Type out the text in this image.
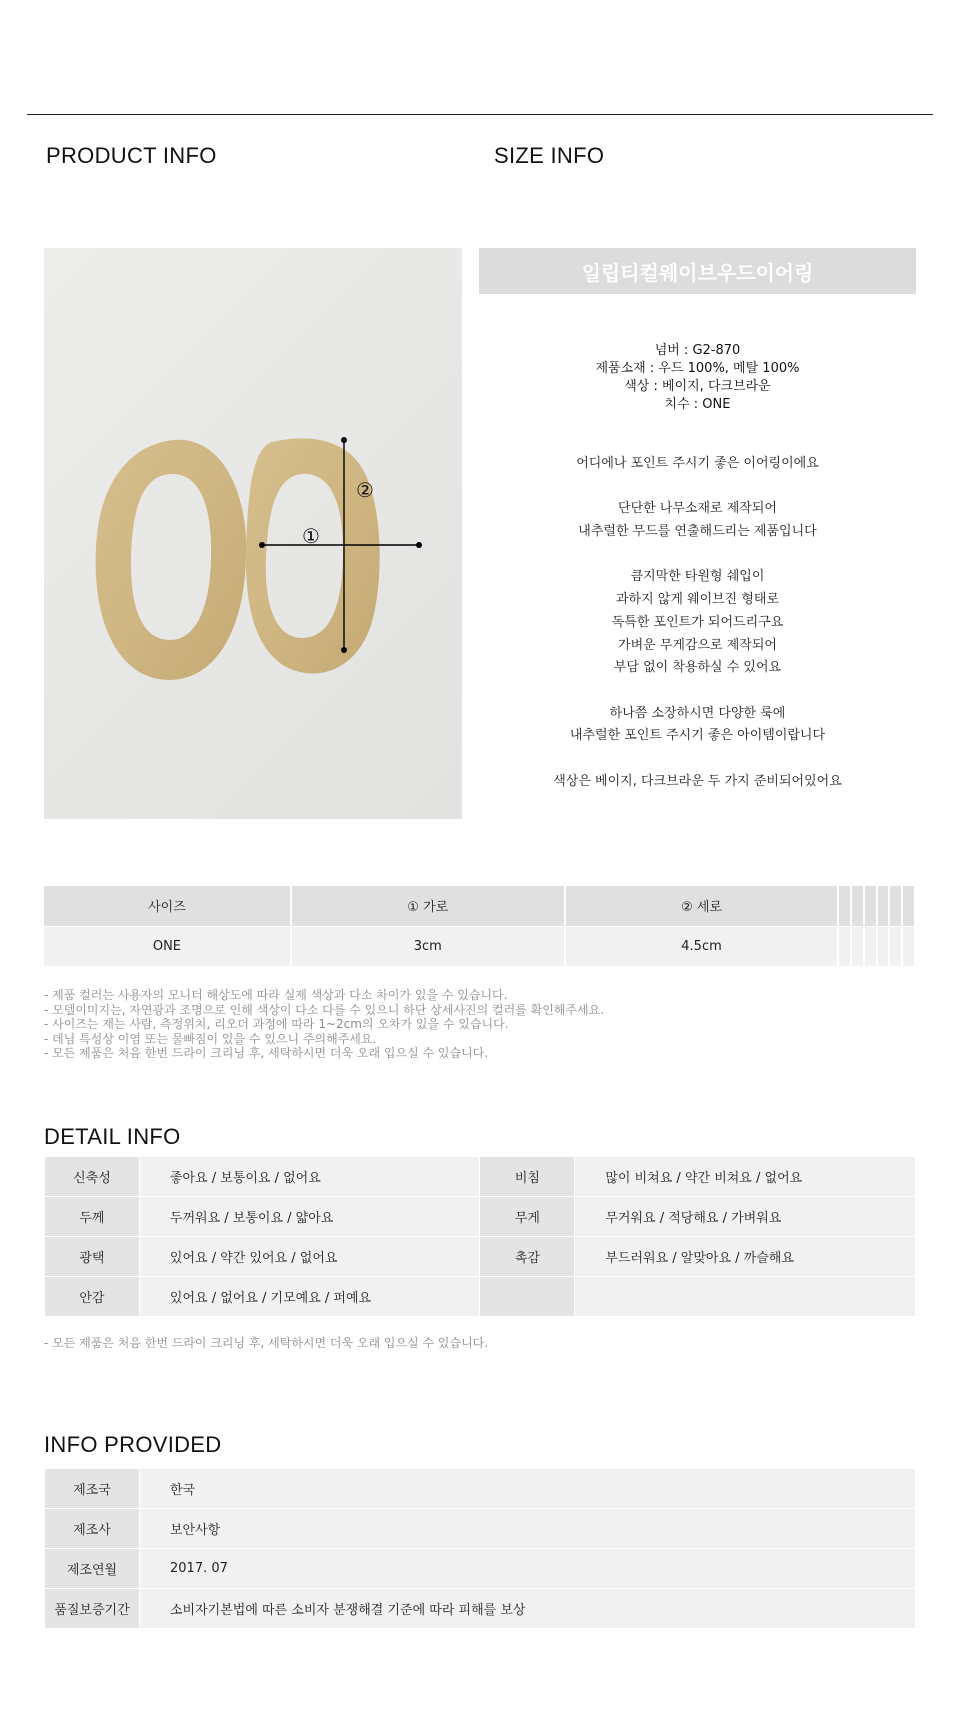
PRODUCT INFO	SIZE INFO
①
②
일립티컬웨이브우드이어링
넘버 : G2-870
제품소재 : 우드 100%, 메탈 100%
색상 : 베이지, 다크브라운
치수 : ONE
어디에나 포인트 주시기 좋은 이어링이에요
단단한 나무소재로 제작되어
내추럴한 무드를 연출해드리는 제품입니다
큼지막한 타원형 쉐입이
과하지 않게 웨이브진 형태로
독특한 포인트가 되어드리구요
가벼운 무게감으로 제작되어
부담 없이 착용하실 수 있어요
하나쯤 소장하시면 다양한 룩에
내추럴한 포인트 주시기 좋은 아이템이랍니다
색상은 베이지, 다크브라운 두 가지 준비되어있어요
사이즈	① 가로	② 세로						
ONE	3cm	4.5cm						
- 제품 컬러는 사용자의 모니터 해상도에 따라 실제 색상과 다소 차이가 있을 수 있습니다.
- 모델이미지는, 자연광과 조명으로 인해 색상이 다소 다를 수 있으니 하단 상세사진의 컬러를 확인해주세요.
- 사이즈는 재는 사람, 측정위치, 리오더 과정에 따라 1~2cm의 오차가 있을 수 있습니다.
- 데님 특성상 이염 또는 물빠짐이 있을 수 있으니 주의해주세요.
- 모든 제품은 처음 한번 드라이 크리닝 후, 세탁하시면 더욱 오래 입으실 수 있습니다.
DETAIL INFO
신축성	좋아요 / 보통이요 / 없어요	비침	많이 비쳐요 / 약간 비쳐요 / 없어요
두께	두꺼워요 / 보통이요 / 얇아요	무게	무거워요 / 적당해요 / 가벼워요
광택	있어요 / 약간 있어요 / 없어요	촉감	부드러워요 / 알맞아요 / 까슬해요
안감	있어요 / 없어요 / 기모예요 / 퍼예요		
- 모든 제품은 처음 한번 드라이 크리닝 후, 세탁하시면 더욱 오래 입으실 수 있습니다.
INFO PROVIDED
제조국	한국
제조사	보안사항
제조연월	2017. 07
품질보증기간	소비자기본법에 따른 소비자 분쟁해결 기준에 따라 피해를 보상
